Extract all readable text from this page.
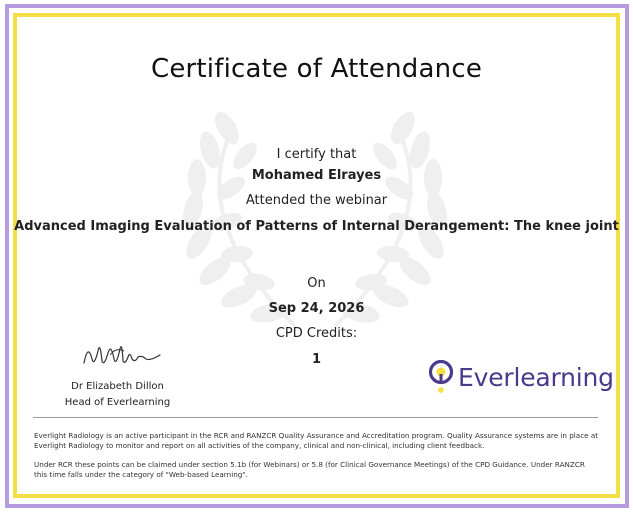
Certificate of Attendance
I certify that
Mohamed Elrayes
Attended the webinar
Advanced Imaging Evaluation of Patterns of Internal Derangement: The knee joint
On
Sep 24, 2026
CPD Credits:
1
Dr Elizabeth Dillon
Head of Everlearning
Everlearning
Everlight Radiology is an active participant in the RCR and RANZCR Quality Assurance and Accreditation program. Quality Assurance systems are in place at Everlight Radiology to monitor and report on all activities of the company, clinical and non-clinical, including client feedback.
Under RCR these points can be claimed under section 5.1b (for Webinars) or 5.8 (for Clinical Governance Meetings) of the CPD Guidance. Under RANZCR this time falls under the category of "Web-based Learning".
